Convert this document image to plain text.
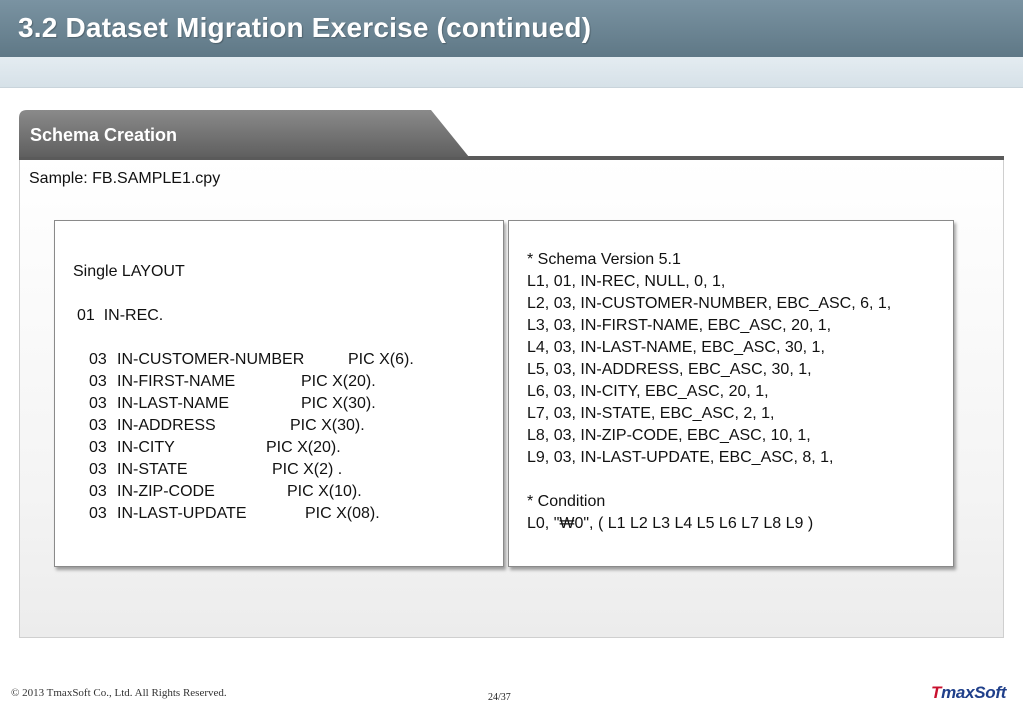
3.2 Dataset Migration Exercise (continued)
Schema Creation
Sample: FB.SAMPLE1.cpy
Single LAYOUT
01  IN-REC.
03 IN-CUSTOMER-NUMBER	PIC X(6).
03 IN-FIRST-NAME	PIC X(20).
03 IN-LAST-NAME	PIC X(30).
03 IN-ADDRESS	PIC X(30).
03 IN-CITY	PIC X(20).
03 IN-STATE	PIC X(2) .
03 IN-ZIP-CODE	PIC X(10).
03 IN-LAST-UPDATE	PIC X(08).
* Schema Version 5.1
L1, 01, IN-REC, NULL, 0, 1,
L2, 03, IN-CUSTOMER-NUMBER, EBC_ASC, 6, 1,
L3, 03, IN-FIRST-NAME, EBC_ASC, 20, 1,
L4, 03, IN-LAST-NAME, EBC_ASC, 30, 1,
L5, 03, IN-ADDRESS, EBC_ASC, 30, 1,
L6, 03, IN-CITY, EBC_ASC, 20, 1,
L7, 03, IN-STATE, EBC_ASC, 2, 1,
L8, 03, IN-ZIP-CODE, EBC_ASC, 10, 1,
L9, 03, IN-LAST-UPDATE, EBC_ASC, 8, 1,
* Condition
L0, "₩0", ( L1 L2 L3 L4 L5 L6 L7 L8 L9 )
© 2013 TmaxSoft Co., Ltd. All Rights Reserved.	24/37	TmaxSoft
